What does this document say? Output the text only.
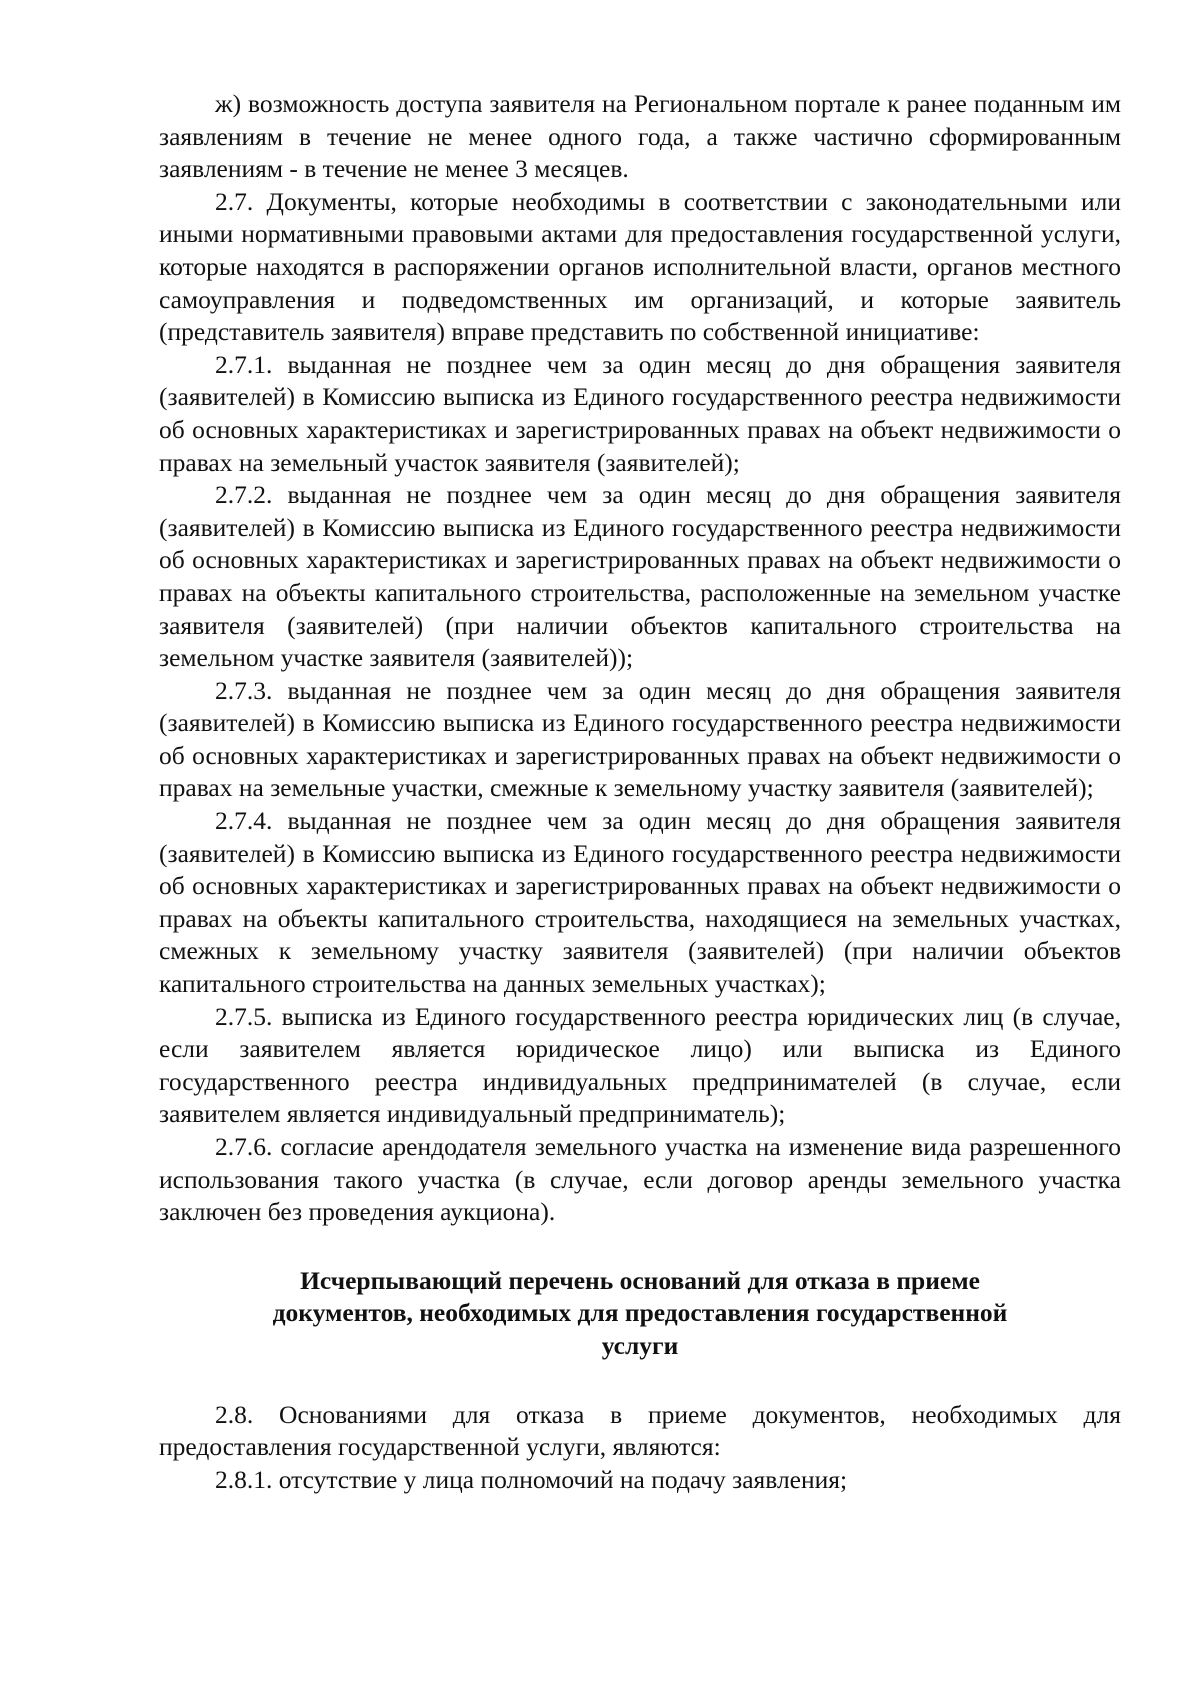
ж) возможность доступа заявителя на Региональном портале к ранее поданным им заявлениям в течение не менее одного года, а также частично сформированным заявлениям - в течение не менее 3 месяцев.

2.7. Документы, которые необходимы в соответствии с законодательными или иными нормативными правовыми актами для предоставления государственной услуги, которые находятся в распоряжении органов исполнительной власти, органов местного самоуправления и подведомственных им организаций, и которые заявитель (представитель заявителя) вправе представить по собственной инициативе:

2.7.1. выданная не позднее чем за один месяц до дня обращения заявителя (заявителей) в Комиссию выписка из Единого государственного реестра недвижимости об основных характеристиках и зарегистрированных правах на объект недвижимости о правах на земельный участок заявителя (заявителей);

2.7.2. выданная не позднее чем за один месяц до дня обращения заявителя (заявителей) в Комиссию выписка из Единого государственного реестра недвижимости об основных характеристиках и зарегистрированных правах на объект недвижимости о правах на объекты капитального строительства, расположенные на земельном участке заявителя (заявителей) (при наличии объектов капитального строительства на земельном участке заявителя (заявителей));

2.7.3. выданная не позднее чем за один месяц до дня обращения заявителя (заявителей) в Комиссию выписка из Единого государственного реестра недвижимости об основных характеристиках и зарегистрированных правах на объект недвижимости о правах на земельные участки, смежные к земельному участку заявителя (заявителей);

2.7.4. выданная не позднее чем за один месяц до дня обращения заявителя (заявителей) в Комиссию выписка из Единого государственного реестра недвижимости об основных характеристиках и зарегистрированных правах на объект недвижимости о правах на объекты капитального строительства, находящиеся на земельных участках, смежных к земельному участку заявителя (заявителей) (при наличии объектов капитального строительства на данных земельных участках);

2.7.5. выписка из Единого государственного реестра юридических лиц (в случае, если заявителем является юридическое лицо) или выписка из Единого государственного реестра индивидуальных предпринимателей (в случае, если заявителем является индивидуальный предприниматель);

2.7.6. согласие арендодателя земельного участка на изменение вида разрешенного использования такого участка (в случае, если договор аренды земельного участка заключен без проведения аукциона).

Исчерпывающий перечень оснований для отказа в приеме
документов, необходимых для предоставления государственной
услуги

2.8. Основаниями для отказа в приеме документов, необходимых для предоставления государственной услуги, являются:

2.8.1. отсутствие у лица полномочий на подачу заявления;
